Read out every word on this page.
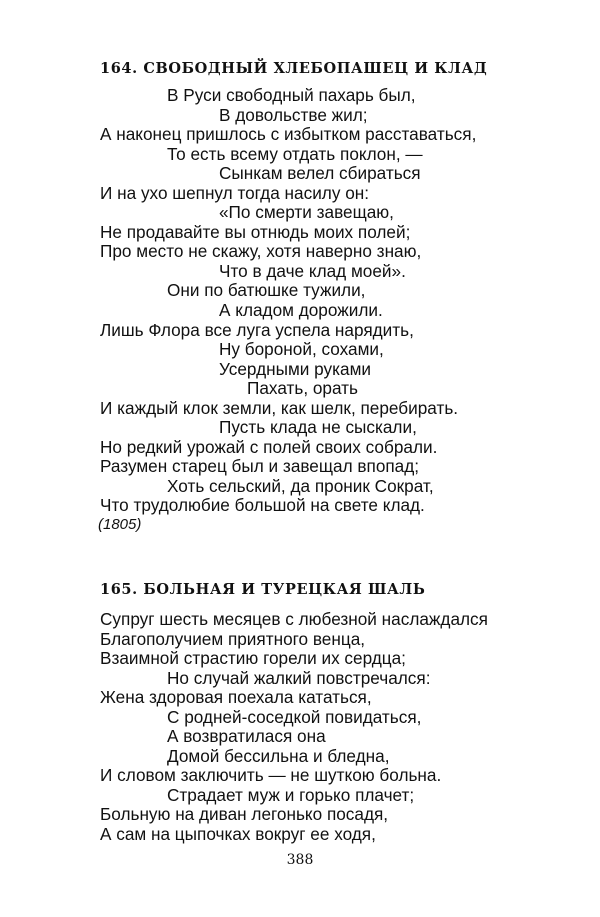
164. СВОБОДНЫЙ ХЛЕБОПАШЕЦ И КЛАД
В Руси свободный пахарь был,
В довольстве жил;
А наконец пришлось с избытком расставаться,
То есть всему отдать поклон, —
Сынкам велел сбираться
И на ухо шепнул тогда насилу он:
«По смерти завещаю,
Не продавайте вы отнюдь моих полей;
Про место не скажу, хотя наверно знаю,
Что в даче клад моей».
Они по батюшке тужили,
А кладом дорожили.
Лишь Флора все луга успела нарядить,
Ну бороной, сохами,
Усердными руками
Пахать, орать
И каждый клок земли, как шелк, перебирать.
Пусть клада не сыскали,
Но редкий урожай с полей своих собрали.
Разумен старец был и завещал впопад;
Хоть сельский, да проник Сократ,
Что трудолюбие большой на свете клад.
(1805)
165. БОЛЬНАЯ И ТУРЕЦКАЯ ШАЛЬ
Супруг шесть месяцев с любезной наслаждался
Благополучием приятного венца,
Взаимной страстию горели их сердца;
Но случай жалкий повстречался:
Жена здоровая поехала кататься,
С родней-соседкой повидаться,
А возвратилася она
Домой бессильна и бледна,
И словом заключить — не шуткою больна.
Страдает муж и горько плачет;
Больную на диван легонько посадя,
А сам на цыпочках вокруг ее ходя,
388
